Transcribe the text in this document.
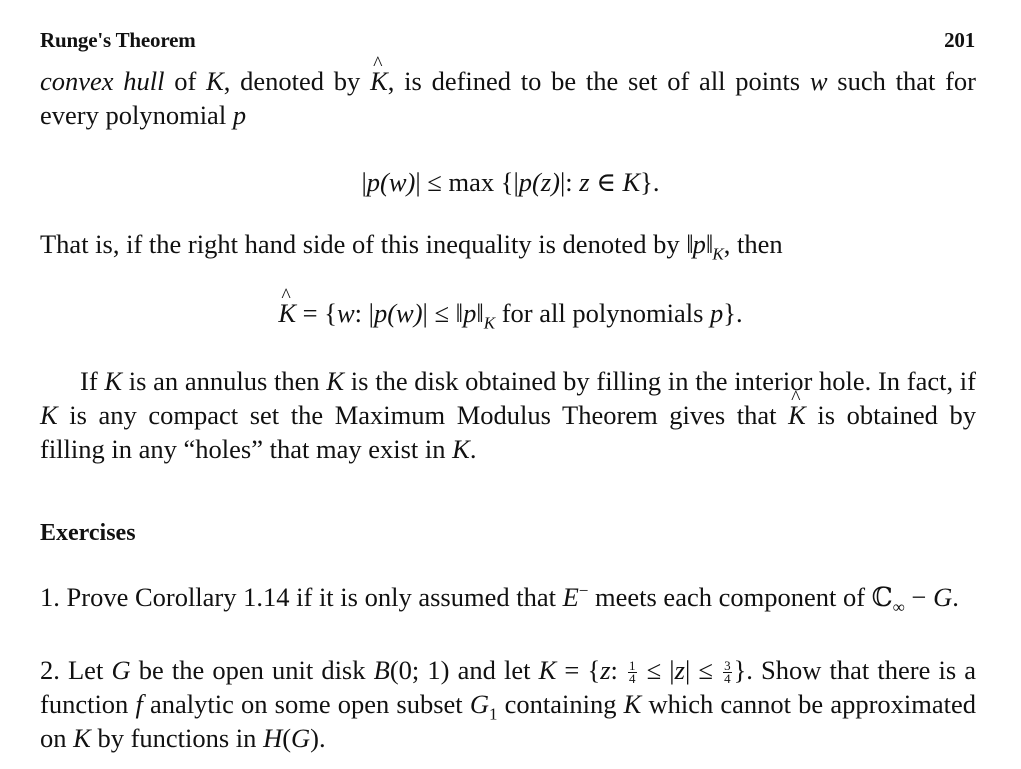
Runge's Theorem	201
convex hull of K, denoted by K ^, is defined to be the set of all points w such that for every polynomial p
|p(w)| ≤ max {|p(z)|: z ∈ K}.
That is, if the right hand side of this inequality is denoted by $‖p‖_K$, then
K ^ = {w: $|p(w)| \le ‖p‖_K$ for all polynomials p}.
If K is an annulus then K is the disk obtained by filling in the interior hole. In fact, if K is any compact set the Maximum Modulus Theorem gives that K ^ is obtained by filling in any “holes” that may exist in K.
Exercises
1. Prove Corollary 1.14 if it is only assumed that E− meets each component of ℂ$_\infty$ − G.
2. Let G be the open unit disk B(0; 1) and let K = {z: $\frac{1}{4} \le |z| \le \frac{3}{4}$ }. Show that there is a function f analytic on some open subset $G_1$ containing K which cannot be approximated on K by functions in H(G).
